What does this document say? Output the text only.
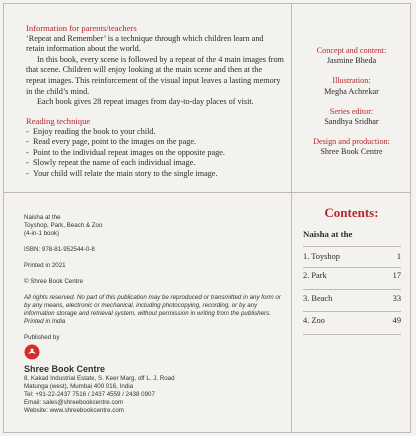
Information for parents/teachers

‘Repeat and Remember’ is a technique through which children learn and retain information about the world.

In this book, every scene is followed by a repeat of the 4 main images from that scene. Children will enjoy looking at the main scene and then at the repeat images. This reinforcement of the visual input leaves a lasting memory in the child’s mind.

Each book gives 28 repeat images from day-to-day places of visit.

Reading technique

- Enjoy reading the book to your child.
- Read every page, point to the images on the page.
- Point to the individual repeat images on the opposite page.
- Slowly repeat the name of each individual image.
- Your child will relate the main story to the single image.
Concept and content:
Jasmine Bheda
Illustration:
Megha Achrekar
Series editor:
Sandhya Sridhar
Design and production:
Shree Book Centre

Naisha at the

Toyshop, Park, Beach & Zoo

(4-in-1 book)

ISBN: 978-81-952544-0-8

Printed in 2021

© Shree Book Centre

All rights reserved. No part of this publication may be reproduced or transmitted in any form or by any means, electronic or mechanical, including photocopying, recording, or by any information storage and retrieval system, without permission in writing from the publishers.

Printed in India

Published by

Shree Book Centre

8, Kakad Industrial Estate, S. Keer Marg, off L. J. Road

Matunga (west), Mumbai 400 016, India

Tel: +91-22-2437 7516 / 2437 4559 / 2438 0907

Email: sales@shreebookcentre.com

Website: www.shreebookcentre.com

Contents:
Naisha at the
1. Toyshop	1
2. Park	17
3. Beach	33
4. Zoo	49
